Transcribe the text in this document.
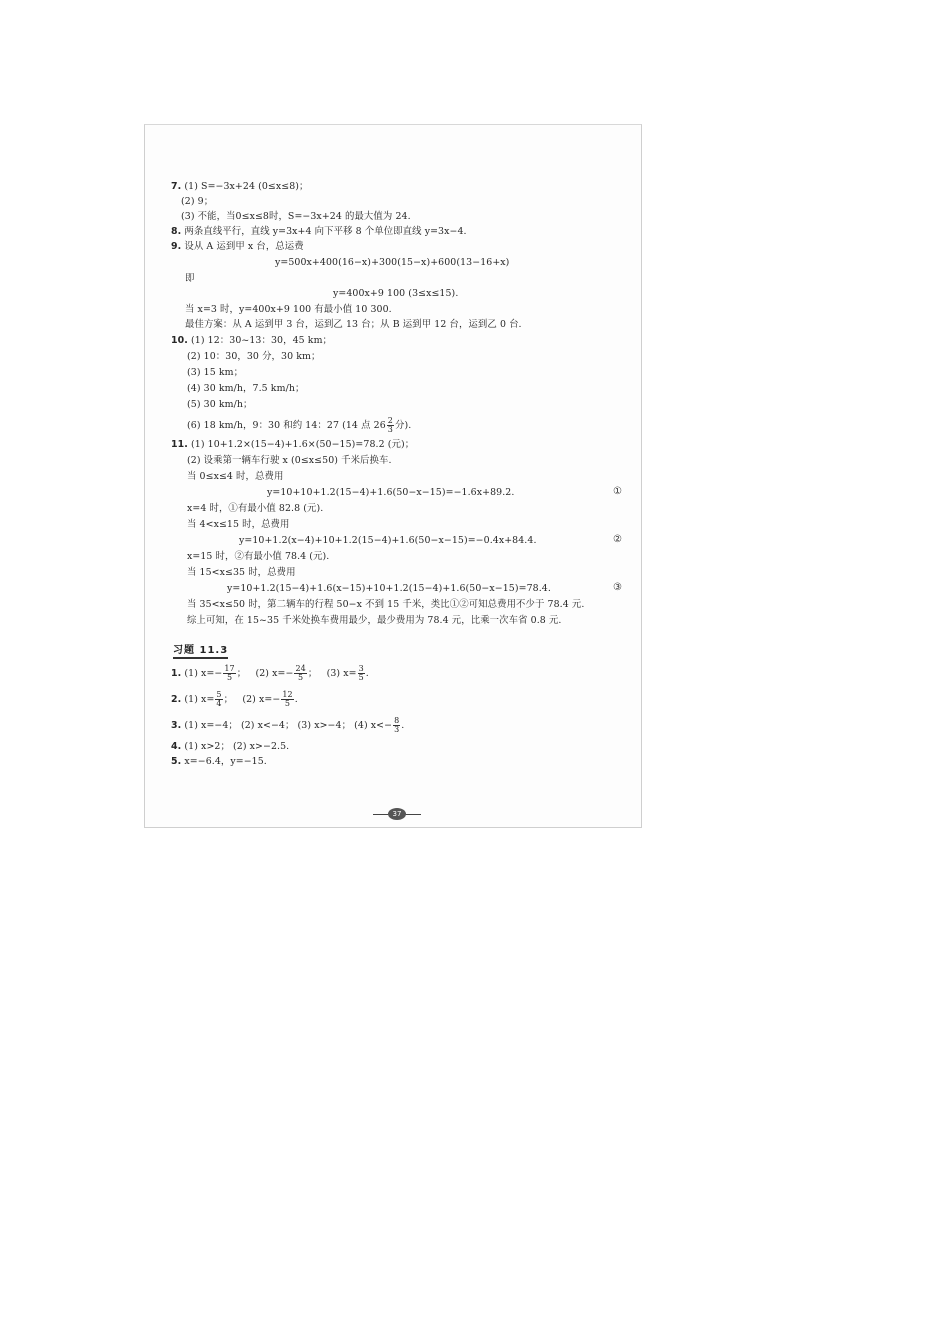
7. (1) S=−3x+24 (0≤x≤8)；
(2) 9；
(3) 不能，当0≤x≤8时，S=−3x+24 的最大值为 24.
8. 两条直线平行，直线 y=3x+4 向下平移 8 个单位即直线 y=3x−4.
9. 设从 A 运到甲 x 台，总运费
y=500x+400(16−x)+300(15−x)+600(13−16+x)
即
y=400x+9 100 (3≤x≤15).
当 x=3 时，y=400x+9 100 有最小值 10 300.
最佳方案：从 A 运到甲 3 台，运到乙 13 台；从 B 运到甲 12 台，运到乙 0 台.
10. (1) 12：30~13：30，45 km；
(2) 10：30，30 分，30 km；
(3) 15 km；
(4) 30 km/h，7.5 km/h；
(5) 30 km/h；
(6) 18 km/h，9：30 和约 14：27 (14 点 $26 \frac{2}{3}$ 分).
11. (1) 10+1.2×(15−4)+1.6×(50−15)=78.2 (元)；
(2) 设乘第一辆车行驶 x (0≤x≤50) 千米后换车.
当 0≤x≤4 时，总费用
y=10+10+1.2(15−4)+1.6(50−x−15)=−1.6x+89.2.	①
x=4 时，①有最小值 82.8 (元).
当 4<x≤15 时，总费用
y=10+1.2(x−4)+10+1.2(15−4)+1.6(50−x−15)=−0.4x+84.4.	②
x=15 时，②有最小值 78.4 (元).
当 15<x≤35 时，总费用
y=10+1.2(15−4)+1.6(x−15)+10+1.2(15−4)+1.6(50−x−15)=78.4.	③
当 35<x≤50 时，第二辆车的行程 50−x 不到 15 千米，类比①②可知总费用不少于 78.4 元.
综上可知，在 15~35 千米处换车费用最少，最少费用为 78.4 元，比乘一次车省 0.8 元.
习题 11.3
1. (1) $x=- \frac{17}{5}$ ； (2) $x=- \frac{24}{5}$ ； (3) $x= \frac{3}{5}$ .
2. (1) $x= \frac{5}{4}$ ； (2) $x=- \frac{12}{5}$ .
3. (1) x=−4； (2) x<−4； (3) x>−4； (4) $x<- \frac{8}{3}$ .
4. (1) x>2； (2) x>−2.5.
5. x=−6.4，y=−15.
37
